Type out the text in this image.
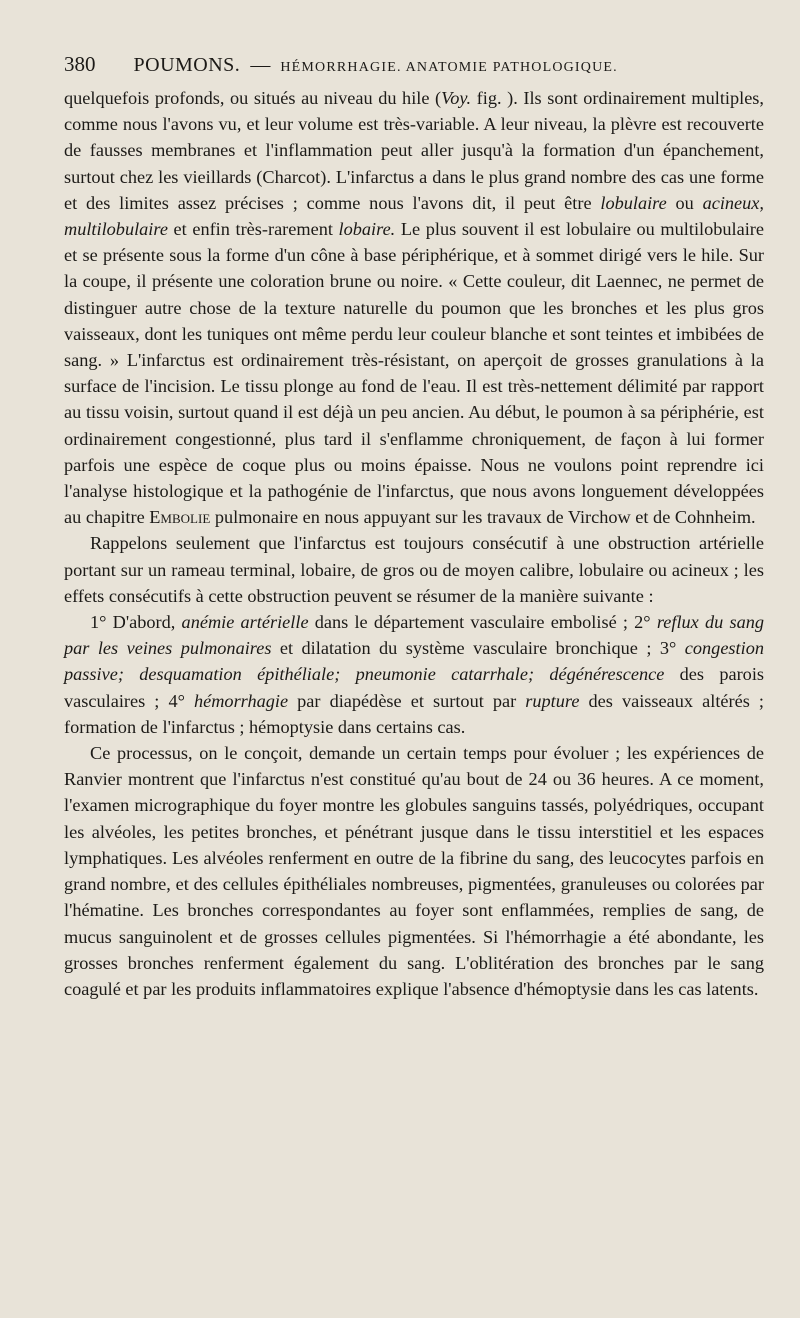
380 POUMONS. — HÉMORRHAGIE. ANATOMIE PATHOLOGIQUE.

quelquefois profonds, ou situés au niveau du hile (Voy. fig. ). Ils sont ordinairement multiples, comme nous l'avons vu, et leur volume est très-variable. A leur niveau, la plèvre est recouverte de fausses membranes et l'inflammation peut aller jusqu'à la formation d'un épanchement, surtout chez les vieillards (Charcot). L'infarctus a dans le plus grand nombre des cas une forme et des limites assez précises ; comme nous l'avons dit, il peut être lobulaire ou acineux, multilobulaire et enfin très-rarement lobaire. Le plus souvent il est lobulaire ou multilobulaire et se présente sous la forme d'un cône à base périphérique, et à sommet dirigé vers le hile. Sur la coupe, il présente une coloration brune ou noire. « Cette couleur, dit Laennec, ne permet de distinguer autre chose de la texture naturelle du poumon que les bronches et les plus gros vaisseaux, dont les tuniques ont même perdu leur couleur blanche et sont teintes et imbibées de sang. » L'infarctus est ordinairement très-résistant, on aperçoit de grosses granulations à la surface de l'incision. Le tissu plonge au fond de l'eau. Il est très-nettement délimité par rapport au tissu voisin, surtout quand il est déjà un peu ancien. Au début, le poumon à sa périphérie, est ordinairement congestionné, plus tard il s'enflamme chroniquement, de façon à lui former parfois une espèce de coque plus ou moins épaisse. Nous ne voulons point reprendre ici l'analyse histologique et la pathogénie de l'infarctus, que nous avons longuement développées au chapitre Embolie pulmonaire en nous appuyant sur les travaux de Virchow et de Cohnheim.

Rappelons seulement que l'infarctus est toujours consécutif à une obstruction artérielle portant sur un rameau terminal, lobaire, de gros ou de moyen calibre, lobulaire ou acineux ; les effets consécutifs à cette obstruction peuvent se résumer de la manière suivante :

1° D'abord, anémie artérielle dans le département vasculaire embolisé ; 2° reflux du sang par les veines pulmonaires et dilatation du système vasculaire bronchique ; 3° congestion passive; desquamation épithéliale; pneumonie catarrhale; dégénérescence des parois vasculaires ; 4° hémorrhagie par diapédèse et surtout par rupture des vaisseaux altérés ; formation de l'infarctus ; hémoptysie dans certains cas.

Ce processus, on le conçoit, demande un certain temps pour évoluer ; les expériences de Ranvier montrent que l'infarctus n'est constitué qu'au bout de 24 ou 36 heures. A ce moment, l'examen micrographique du foyer montre les globules sanguins tassés, polyédriques, occupant les alvéoles, les petites bronches, et pénétrant jusque dans le tissu interstitiel et les espaces lymphatiques. Les alvéoles renferment en outre de la fibrine du sang, des leucocytes parfois en grand nombre, et des cellules épithéliales nombreuses, pigmentées, granuleuses ou colorées par l'hématine. Les bronches correspondantes au foyer sont enflammées, remplies de sang, de mucus sanguinolent et de grosses cellules pigmentées. Si l'hémorrhagie a été abondante, les grosses bronches renferment également du sang. L'oblitération des bronches par le sang coagulé et par les produits inflammatoires explique l'absence d'hémoptysie dans les cas latents.
